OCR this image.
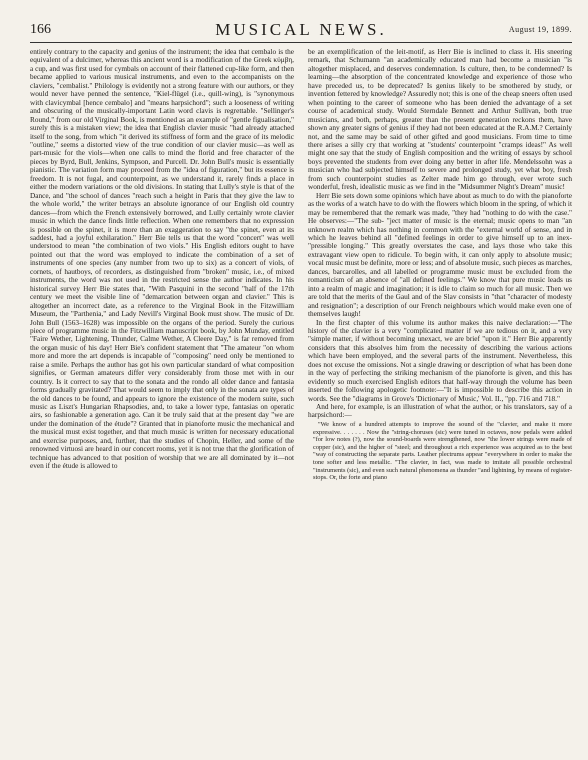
166	MUSICAL NEWS.	August 19, 1899.

entirely contrary to the capacity and genius of the instrument; the idea that cembalo is the equivalent of a dulcimer, whereas this ancient word is a modification of the Greek κύμβη, a cup, and was first used for cymbals on account of their flattened cup-like form, and then became applied to various musical instruments, and even to the accompanists on the claviers, "cembalist." Philology is evidently not a strong feature with our authors, or they would never have penned the sentence, "Kiel-flügel (i.e., quill-wing), is "synonymous with clavicymbal [hence cembalo] and "means harpsichord"; such a looseness of writing and obscuring of the musically-important Latin word clavis is regrettable. "Sellinger's Round," from our old Virginal Book, is mentioned as an example of "gentle figualisation," surely this is a mistaken view; the idea that English clavier music "had already attached itself to the song, from which "it derived its stiffness of form and the grace of its melodic "outline," seems a distorted view of the true condition of our clavier music—as well as part-music for the viols—when one calls to mind the florid and free character of the pieces by Byrd, Bull, Jenkins, Sympson, and Purcell. Dr. John Bull's music is essentially pianistic. The variation form may proceed from the "idea of figuration," but its essence is freedom. It is not fugal, and counterpoint, as we understand it, rarely finds a place in either the modern variations or the old divisions. In stating that Lully's style is that of the Dance, and "the school of dances "reach such a height in Paris that they give the law to the whole world," the writer betrays an absolute ignorance of our English old country dances—from which the French extensively borrowed, and Lully certainly wrote clavier music in which the dance finds little reflection. When one remembers that no expression is possible on the spinet, it is more than an exaggeration to say "the spinet, even at its saddest, had a joyful exhilaration." Herr Bie tells us that the word "concert" was well understood to mean "the combination of two viols." His English editors ought to have pointed out that the word was employed to indicate the combination of a set of instruments of one species (any number from two up to six) as a concert of viols, of cornets, of hautboys, of recorders, as distinguished from "broken" music, i.e., of mixed instruments, the word was not used in the restricted sense the author indicates. In his historical survey Herr Bie states that, "With Pasquini in the second "half of the 17th century we meet the visible line of "demarcation between organ and clavier." This is altogether an incorrect date, as a reference to the Virginal Book in the Fitzwilliam Museum, the "Parthenia," and Lady Nevill's Virginal Book must show. The music of Dr. John Bull (1563–1628) was impossible on the organs of the period. Surely the curious piece of programme music in the Fitzwilliam manuscript book, by John Munday, entitled "Faire Wether, Lightening, Thunder, Calme Wether, A Cleere Day," is far removed from the organ music of his day! Herr Bie's confident statement that "The amateur "on whom more and more the art depends is incapable of "composing" need only be mentioned to raise a smile. Perhaps the author has got his own particular standard of what composition signifies, or German amateurs differ very considerably from those met with in our country. Is it correct to say that to the sonata and the rondo all older dance and fantasia forms gradually gravitated? That would seem to imply that only in the sonata are types of the old dances to be found, and appears to ignore the existence of the modern suite, such music as Liszt's Hungarian Rhapsodies, and, to take a lower type, fantasias on operatic airs, so fashionable a generation ago. Can it be truly said that at the present day "we are under the domination of the étude"? Granted that in pianoforte music the mechanical and the musical must exist together, and that much music is written for necessary educational and exercise purposes, and, further, that the studies of Chopin, Heller, and some of the renowned virtuosi are heard in our concert rooms, yet it is not true that the glorification of technique has advanced to that position of worship that we are all dominated by it—not even if the étude is allowed to

be an exemplification of the leit-motif, as Herr Bie is inclined to class it. His sneering remark, that Schumann "an academically educated man had become a musician "is altogether misplaced, and deserves condemnation. Is culture, then, to be condemned? Is learning—the absorption of the concentrated knowledge and experience of those who have preceded us, to be deprecated? Is genius likely to be smothered by study, or invention fettered by knowledge? Assuredly not; this is one of the cheap sneers often used when pointing to the career of someone who has been denied the advantage of a set course of academical study. Would Sterndale Bennett and Arthur Sullivan, both true musicians, and both, perhaps, greater than the present generation reckons them, have shown any greater signs of genius if they had not been educated at the R.A.M.? Certainly not, and the same may be said of other gifted and good musicians. From time to time there arises a silly cry that working at "students' counterpoint "cramps ideas!" As well might one say that the study of English composition and the writing of essays by school boys prevented the students from ever doing any better in after life. Mendelssohn was a musician who had subjected himself to severe and prolonged study, yet what boy, fresh from such counterpoint studies as Zelter made him go through, ever wrote such wonderful, fresh, idealistic music as we find in the "Midsummer Night's Dream" music!

Herr Bie sets down some opinions which have about as much to do with the pianoforte as the works of a watch have to do with the flowers which bloom in the spring, of which it may be remembered that the remark was made, "they had "nothing to do with the case." He observes:—"The sub- "ject matter of music is the eternal; music opens to man "an unknown realm which has nothing in common with the "external world of sense, and in which he leaves behind all "defined feelings in order to give himself up to an inex- "pressible longing." This greatly overstates the case, and lays those who take this extravagant view open to ridicule. To begin with, it can only apply to absolute music; vocal music must be definite, more or less; and of absolute music, such pieces as marches, dances, barcarolles, and all labelled or programme music must be excluded from the romanticism of an absence of "all defined feelings." We know that pure music leads us into a realm of magic and imagination; it is idle to claim so much for all music. Then we are told that the merits of the Gaul and of the Slav consists in "that "character of modesty and resignation"; a description of our French neighbours which would make even one of themselves laugh!

In the first chapter of this volume its author makes this naive declaration:—"The history of the clavier is a very "complicated matter if we are tedious on it, and a very "simple matter, if without becoming unexact, we are brief "upon it." Herr Bie apparently considers that this absolves him from the necessity of describing the various actions which have been employed, and the several parts of the instrument. Nevertheless, this does not excuse the omissions. Not a single drawing or description of what has been done in the way of perfecting the striking mechanism of the pianoforte is given, and this has evidently so much exercised English editors that half-way through the volume has been inserted the following apologetic footnote:—"It is impossible to describe this action in words. See the "diagrams in Grove's 'Dictionary of Music,' Vol. II., "pp. 716 and 718."

And here, for example, is an illustration of what the author, or his translators, say of a harpsichord:—

"We know of a hundred attempts to improve the sound of the "clavier, and make it more expressive. . . . . . . Now the "string-choruses (sic) were tuned in octaves, now pedals were added "for low notes (?), now the sound-boards were strengthened, now "the lower strings were made of copper (sic), and the higher of "steel; and throughout a rich experience was acquired as to the best "way of constructing the separate parts. Leather plectrums appear "everywhere in order to make the tone softer and less metallic. "The clavier, in fact, was made to imitate all possible orchestral "instruments (sic), and even such natural phenomena as thunder "and lightning, by means of register-stops. Or, the forte and piano
